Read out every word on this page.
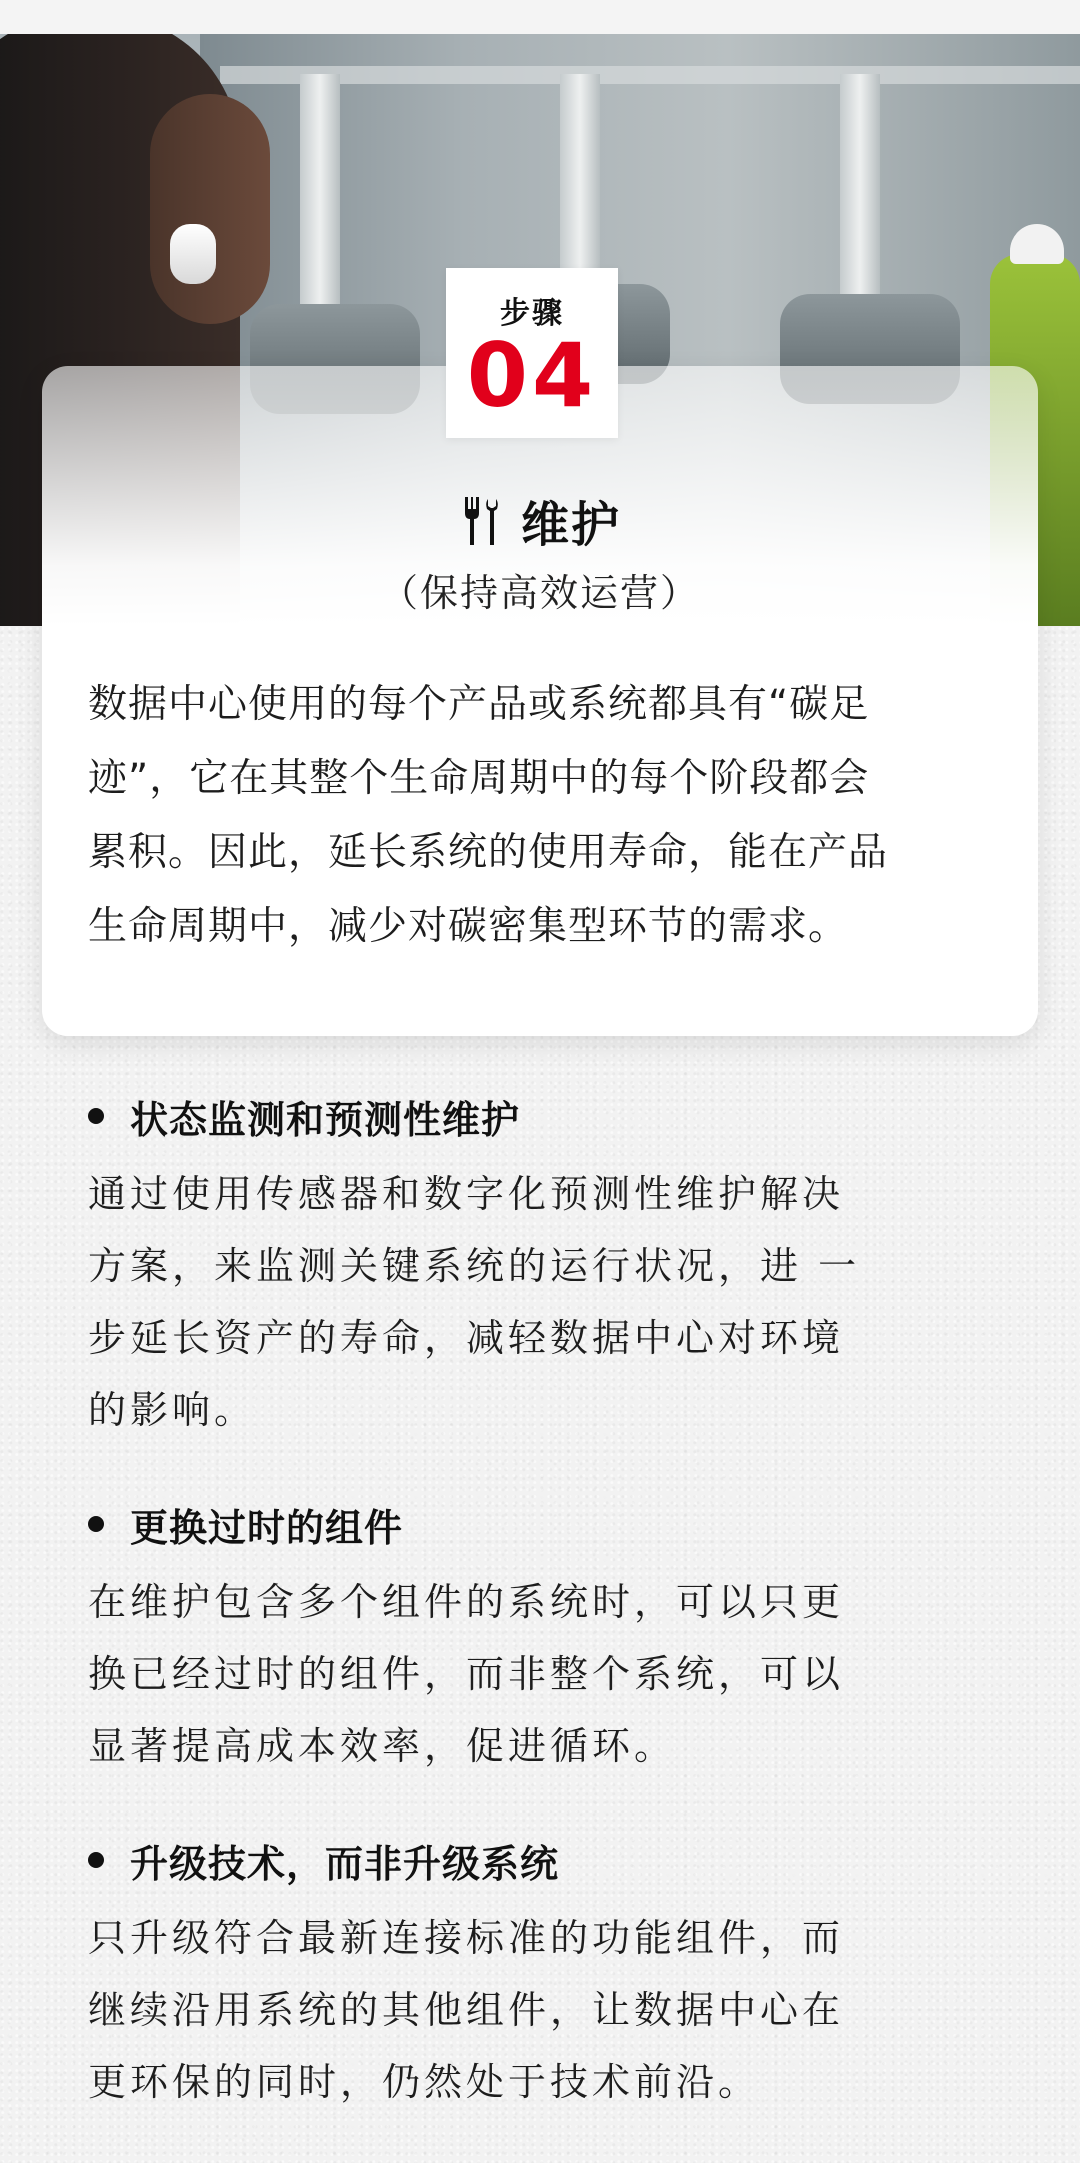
步骤
04
维护
（保持高效运营）
数据中心使用的每个产品或系统都具有“碳足
迹”，它在其整个生命周期中的每个阶段都会
累积。因此，延长系统的使用寿命，能在产品
生命周期中，减少对碳密集型环节的需求。
状态监测和预测性维护
通过使用传感器和数字化预测性维护解决
方案，来监测关键系统的运行状况，进 一
步延长资产的寿命，减轻数据中心对环境
的影响。
更换过时的组件
在维护包含多个组件的系统时，可以只更
换已经过时的组件，而非整个系统，可以
显著提高成本效率，促进循环。
升级技术，而非升级系统
只升级符合最新连接标准的功能组件，而
继续沿用系统的其他组件，让数据中心在
更环保的同时，仍然处于技术前沿。
